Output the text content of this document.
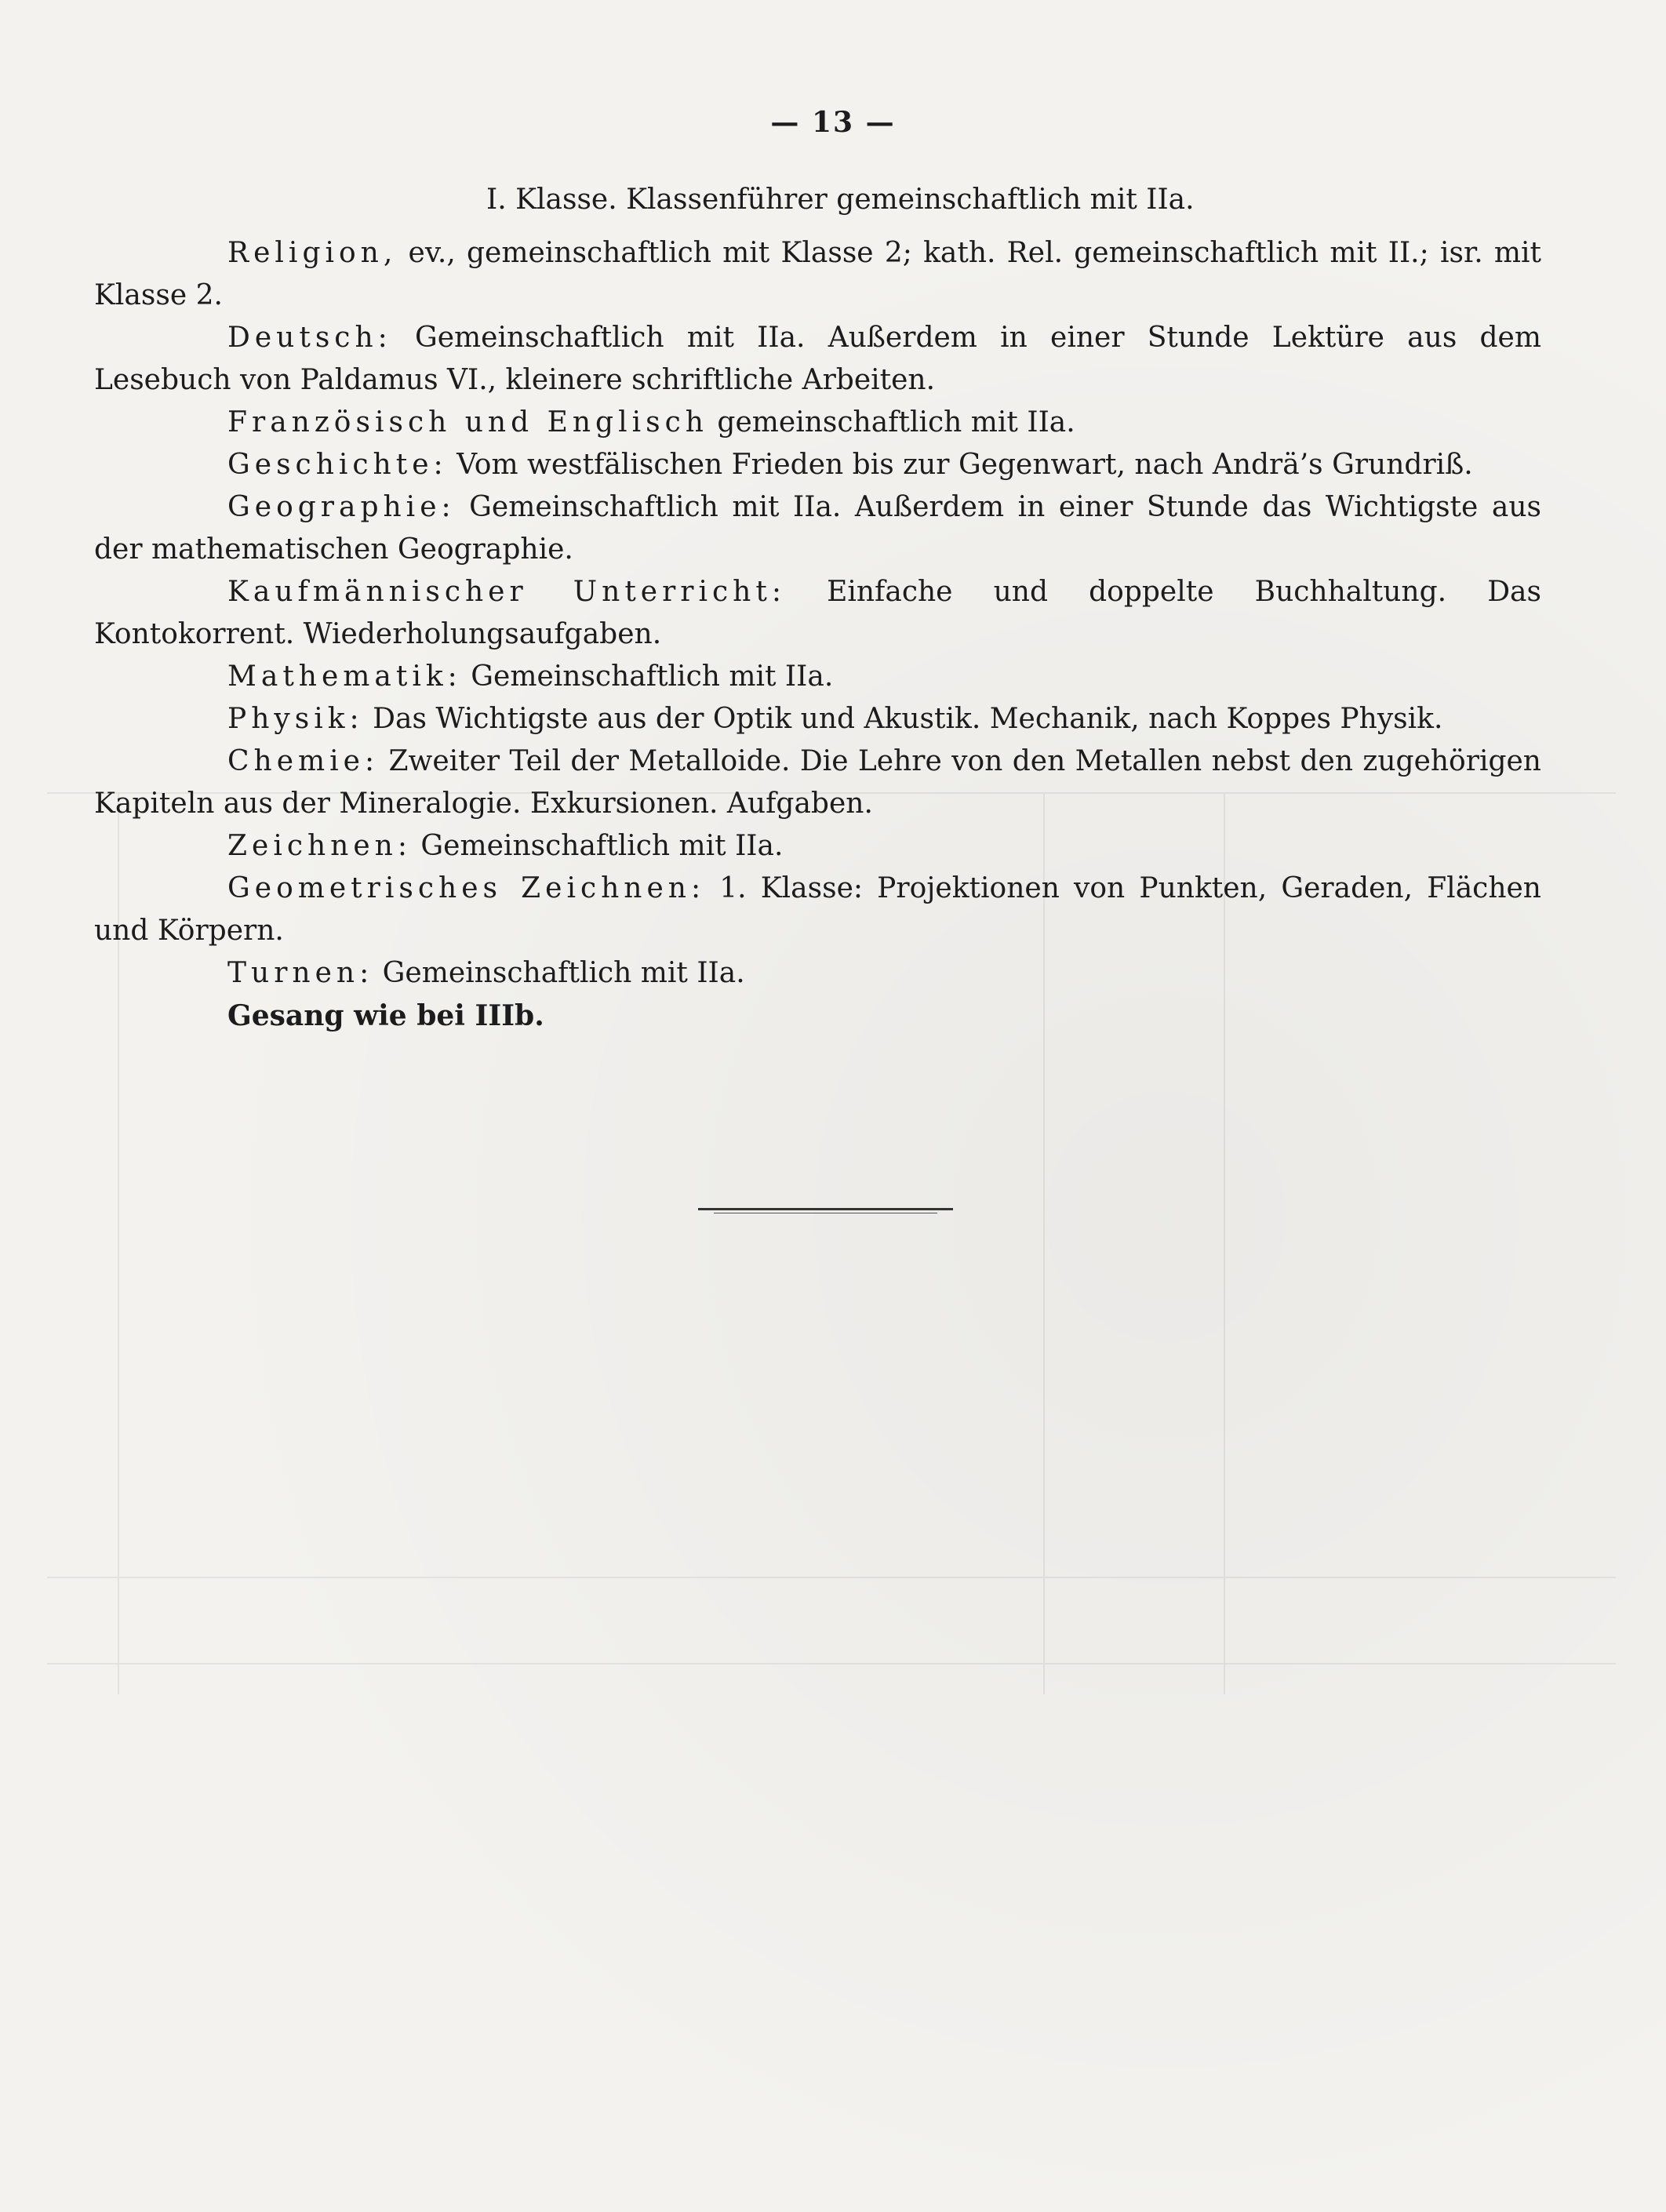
— 13 —

I. Klasse. Klassenführer gemeinschaftlich mit IIa.

Religion, ev., gemeinschaftlich mit Klasse 2; kath. Rel. gemeinschaftlich mit II.; isr. mit Klasse 2.

Deutsch: Gemeinschaftlich mit IIa. Außerdem in einer Stunde Lektüre aus dem Lesebuch von Paldamus VI., kleinere schriftliche Arbeiten.

Französisch und Englisch gemeinschaftlich mit IIa.

Geschichte: Vom westfälischen Frieden bis zur Gegenwart, nach Andrä’s Grundriß.

Geographie: Gemeinschaftlich mit IIa. Außerdem in einer Stunde das Wichtigste aus der mathematischen Geographie.

Kaufmännischer Unterricht: Einfache und doppelte Buchhaltung. Das Kontokorrent. Wiederholungsaufgaben.

Mathematik: Gemeinschaftlich mit IIa.

Physik: Das Wichtigste aus der Optik und Akustik. Mechanik, nach Koppes Physik.

Chemie: Zweiter Teil der Metalloide. Die Lehre von den Metallen nebst den zugehörigen Kapiteln aus der Mineralogie. Exkursionen. Aufgaben.

Zeichnen: Gemeinschaftlich mit IIa.

Geometrisches Zeichnen: 1. Klasse: Projektionen von Punkten, Geraden, Flächen und Körpern.

Turnen: Gemeinschaftlich mit IIa.

Gesang wie bei IIIb.
